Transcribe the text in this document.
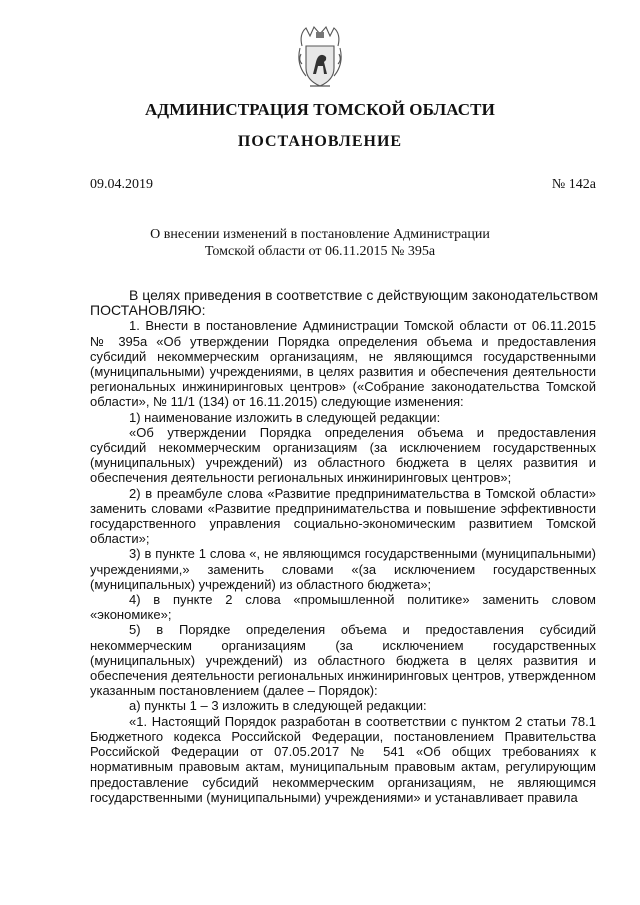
АДМИНИСТРАЦИЯ ТОМСКОЙ ОБЛАСТИ
ПОСТАНОВЛЕНИЕ
09.04.2019	№ 142а
О внесении изменений в постановление Администрации
Томской области от 06.11.2015 № 395а

В целях приведения в соответствие с действующим законодательством

ПОСТАНОВЛЯЮ:

1. Внести в постановление Администрации Томской области от 06.11.2015 № 395а «Об утверждении Порядка определения объема и предоставления субсидий некоммерческим организациям, не являющимся государственными (муниципальными) учреждениями, в целях развития и обеспечения деятельности региональных инжиниринговых центров» («Собрание законодательства Томской области», № 11/1 (134) от 16.11.2015) следующие изменения:

1) наименование изложить в следующей редакции:

«Об утверждении Порядка определения объема и предоставления субсидий некоммерческим организациям (за исключением государственных (муниципальных) учреждений) из областного бюджета в целях развития и обеспечения деятельности региональных инжиниринговых центров»;

2) в преамбуле слова «Развитие предпринимательства в Томской области» заменить словами «Развитие предпринимательства и повышение эффективности государственного управления социально-экономическим развитием Томской области»;

3) в пункте 1 слова «, не являющимся государственными (муниципальными) учреждениями,» заменить словами «(за исключением государственных (муниципальных) учреждений) из областного бюджета»;

4) в пункте 2 слова «промышленной политике» заменить словом «экономике»;

5) в Порядке определения объема и предоставления субсидий некоммерческим организациям (за исключением государственных (муниципальных) учреждений) из областного бюджета в целях развития и обеспечения деятельности региональных инжиниринговых центров, утвержденном указанным постановлением (далее – Порядок):

а) пункты 1 – 3 изложить в следующей редакции:

«1. Настоящий Порядок разработан в соответствии с пунктом 2 статьи 78.1 Бюджетного кодекса Российской Федерации, постановлением Правительства Российской Федерации от 07.05.2017 № 541 «Об общих требованиях к нормативным правовым актам, муниципальным правовым актам, регулирующим предоставление субсидий некоммерческим организациям, не являющимся государственными (муниципальными) учреждениями» и устанавливает правила
